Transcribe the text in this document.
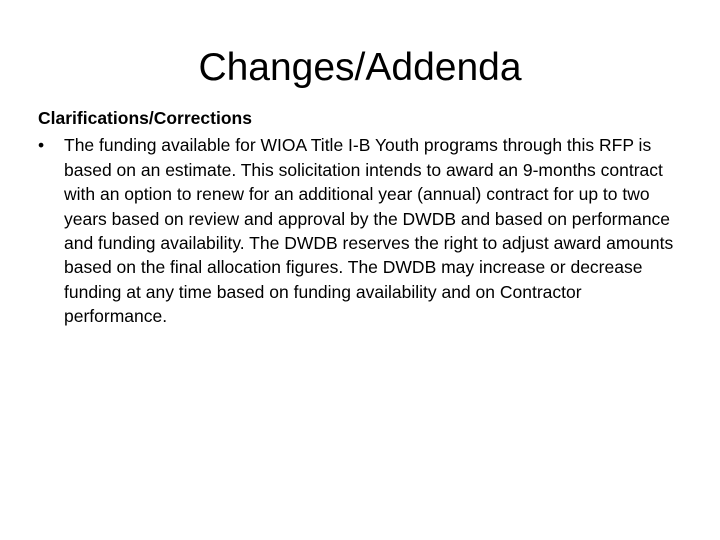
Changes/Addenda
Clarifications/Corrections
•	The funding available for WIOA Title I-B Youth programs through this RFP is based on an estimate. This solicitation intends to award an 9-months contract with an option to renew for an additional year (annual) contract for up to two years based on review and approval by the DWDB and based on performance and funding availability. The DWDB reserves the right to adjust award amounts based on the final allocation figures. The DWDB may increase or decrease funding at any time based on funding availability and on Contractor performance.
